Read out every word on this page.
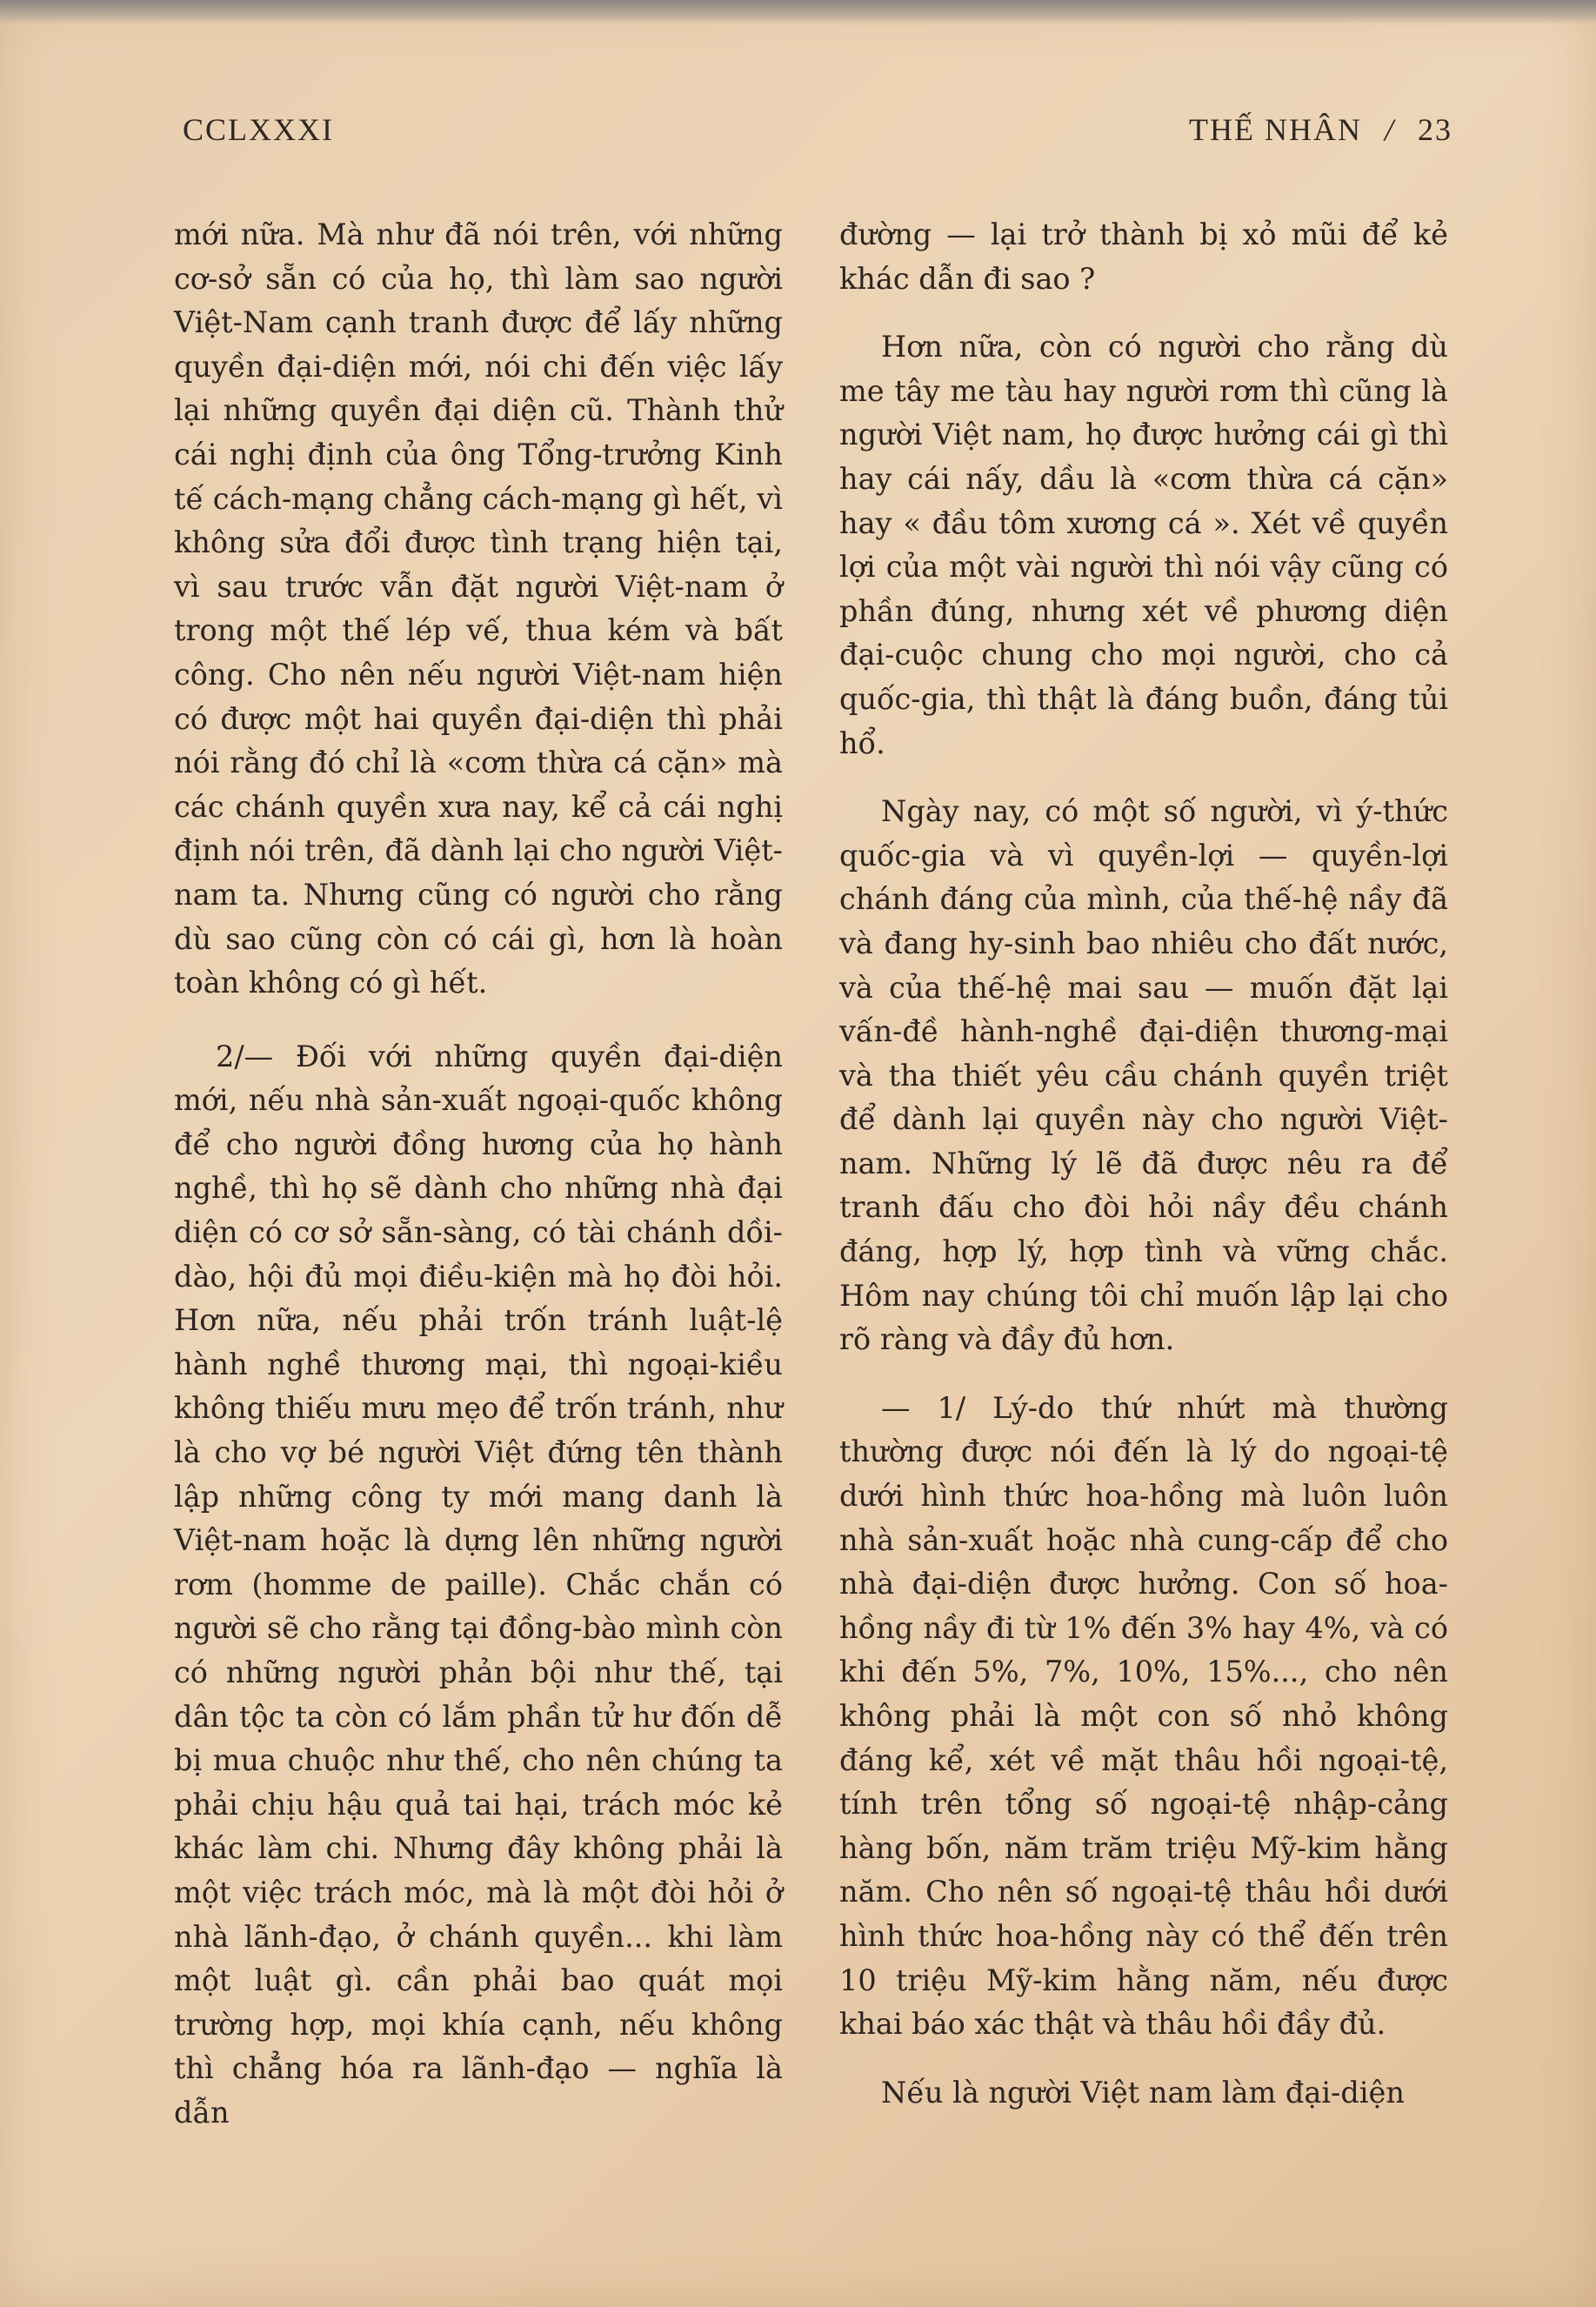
CCLXXXI	THẾ NHÂN / 23

mới nữa. Mà như đã nói trên, với những cơ-sở sẵn có của họ, thì làm sao người Việt-Nam cạnh tranh được để lấy những quyền đại-diện mới, nói chi đến việc lấy lại những quyền đại diện cũ. Thành thử cái nghị định của ông Tổng-trưởng Kinh tế cách-mạng chẳng cách-mạng gì hết, vì không sửa đổi được tình trạng hiện tại, vì sau trước vẫn đặt người Việt-nam ở trong một thế lép vế, thua kém và bất công. Cho nên nếu người Việt-nam hiện có được một hai quyền đại-diện thì phải nói rằng đó chỉ là «cơm thừa cá cặn» mà các chánh quyền xưa nay, kể cả cái nghị định nói trên, đã dành lại cho người Việt-nam ta. Nhưng cũng có người cho rằng dù sao cũng còn có cái gì, hơn là hoàn toàn không có gì hết.

2/— Đối với những quyền đại-diện mới, nếu nhà sản-xuất ngoại-quốc không để cho người đồng hương của họ hành nghề, thì họ sẽ dành cho những nhà đại diện có cơ sở sẵn-sàng, có tài chánh dồi-dào, hội đủ mọi điều-kiện mà họ đòi hỏi. Hơn nữa, nếu phải trốn tránh luật-lệ hành nghề thương mại, thì ngoại-kiều không thiếu mưu mẹo để trốn tránh, như là cho vợ bé người Việt đứng tên thành lập những công ty mới mang danh là Việt-nam hoặc là dựng lên những người rơm (homme de paille). Chắc chắn có người sẽ cho rằng tại đồng-bào mình còn có những người phản bội như thế, tại dân tộc ta còn có lắm phần tử hư đốn dễ bị mua chuộc như thế, cho nên chúng ta phải chịu hậu quả tai hại, trách móc kẻ khác làm chi. Nhưng đây không phải là một việc trách móc, mà là một đòi hỏi ở nhà lãnh-đạo, ở chánh quyền... khi làm một luật gì. cần phải bao quát mọi trường hợp, mọi khía cạnh, nếu không thì chẳng hóa ra lãnh-đạo — nghĩa là dẫn

đường — lại trở thành bị xỏ mũi để kẻ khác dẫn đi sao ?

Hơn nữa, còn có người cho rằng dù me tây me tàu hay người rơm thì cũng là người Việt nam, họ được hưởng cái gì thì hay cái nấy, dầu là «cơm thừa cá cặn» hay « đầu tôm xương cá ». Xét về quyền lợi của một vài người thì nói vậy cũng có phần đúng, nhưng xét về phương diện đại-cuộc chung cho mọi người, cho cả quốc-gia, thì thật là đáng buồn, đáng tủi hổ.

Ngày nay, có một số người, vì ý-thức quốc-gia và vì quyền-lợi — quyền-lợi chánh đáng của mình, của thế-hệ nầy đã và đang hy-sinh bao nhiêu cho đất nước, và của thế-hệ mai sau — muốn đặt lại vấn-đề hành-nghề đại-diện thương-mại và tha thiết yêu cầu chánh quyền triệt để dành lại quyền này cho người Việt-nam. Những lý lẽ đã được nêu ra để tranh đấu cho đòi hỏi nầy đều chánh đáng, hợp lý, hợp tình và vững chắc. Hôm nay chúng tôi chỉ muốn lập lại cho rõ ràng và đầy đủ hơn.

— 1/ Lý-do thứ nhứt mà thường thường được nói đến là lý do ngoại-tệ dưới hình thức hoa-hồng mà luôn luôn nhà sản-xuất hoặc nhà cung-cấp để cho nhà đại-diện được hưởng. Con số hoa-hồng nầy đi từ 1% đến 3% hay 4%, và có khi đến 5%, 7%, 10%, 15%..., cho nên không phải là một con số nhỏ không đáng kể, xét về mặt thâu hồi ngoại-tệ, tính trên tổng số ngoại-tệ nhập-cảng hàng bốn, năm trăm triệu Mỹ-kim hằng năm. Cho nên số ngoại-tệ thâu hồi dưới hình thức hoa-hồng này có thể đến trên 10 triệu Mỹ-kim hằng năm, nếu được khai báo xác thật và thâu hồi đầy đủ.

Nếu là người Việt nam làm đại-diện
